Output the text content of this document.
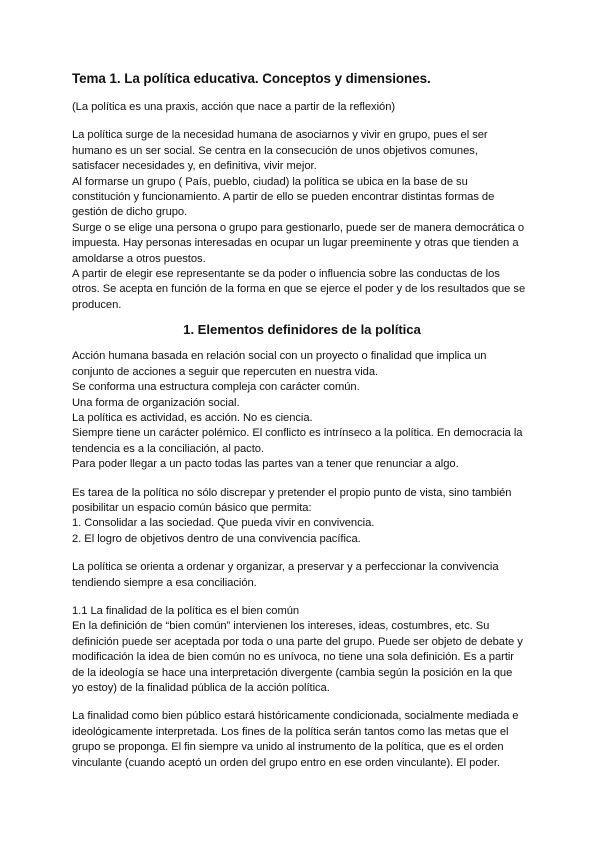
Tema 1. La política educativa. Conceptos y dimensiones.

(La política es una praxis, acción que nace a partir de la reflexión)

La política surge de la necesidad humana de asociarnos y vivir en grupo, pues el ser
humano es un ser social. Se centra en la consecución de unos objetivos comunes,
satisfacer necesidades y, en definitiva, vivir mejor.
Al formarse un grupo ( País, pueblo, ciudad) la política se ubica en la base de su
constitución y funcionamiento. A partir de ello se pueden encontrar distintas formas de
gestión de dicho grupo.
Surge o se elige una persona o grupo para gestionarlo, puede ser de manera democrática o
impuesta. Hay personas interesadas en ocupar un lugar preeminente y otras que tienden a
amoldarse a otros puestos.
A partir de elegir ese representante se da poder o influencia sobre las conductas de los
otros. Se acepta en función de la forma en que se ejerce el poder y de los resultados que se
producen.

1. Elementos definidores de la política

Acción humana basada en relación social con un proyecto o finalidad que implica un
conjunto de acciones a seguir que repercuten en nuestra vida.
Se conforma una estructura compleja con carácter común.
Una forma de organización social.
La política es actividad, es acción. No es ciencia.
Siempre tiene un carácter polémico. El conflicto es intrínseco a la política. En democracia la
tendencia es a la conciliación, al pacto.
Para poder llegar a un pacto todas las partes van a tener que renunciar a algo.

Es tarea de la política no sólo discrepar y pretender el propio punto de vista, sino también
posibilitar un espacio común básico que permita:
1. Consolidar a las sociedad. Que pueda vivir en convivencia.
2. El logro de objetivos dentro de una convivencia pacífica.

La política se orienta a ordenar y organizar, a preservar y a perfeccionar la convivencia
tendiendo siempre a esa conciliación.

1.1 La finalidad de la política es el bien común
En la definición de “bien común” intervienen los intereses, ideas, costumbres, etc. Su
definición puede ser aceptada por toda o una parte del grupo. Puede ser objeto de debate y
modificación la idea de bien común no es unívoca, no tiene una sola definición. Es a partir
de la ideología se hace una interpretación divergente (cambia según la posición en la que
yo estoy) de la finalidad pública de la acción política.

La finalidad como bien público estará históricamente condicionada, socialmente mediada e
ideológicamente interpretada. Los fines de la política serán tantos como las metas que el
grupo se proponga. El fin siempre va unido al instrumento de la política, que es el orden
vinculante (cuando aceptó un orden del grupo entro en ese orden vinculante). El poder.
